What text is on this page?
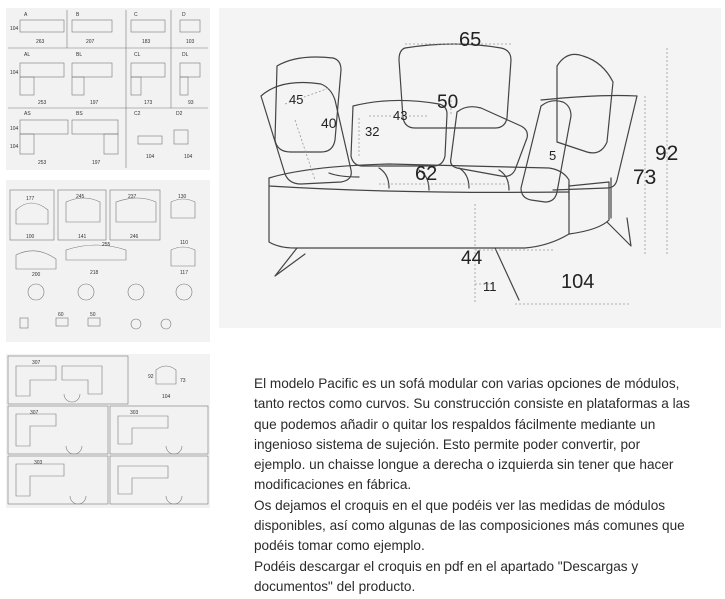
A	B	C	D
AL	BL	CL	DL
AS	BS	C2	D2
263	207	183	103
253	197	173	93
253	197
104	104
104
104
104
104
177	245	237	130
100	141	246
255	110
200	218	117
60	50
307
307	303
303
92
73
104
65
45
40	43
32
50
5
62
92
73
44
11	104

El modelo Pacific es un sofá modular con varias opciones de módulos, tanto rectos como curvos. Su construcción consiste en plataformas a las que podemos añadir o quitar los respaldos fácilmente mediante un ingenioso sistema de sujeción. Esto permite poder convertir, por ejemplo. un chaisse longue a derecha o izquierda sin tener que hacer modificaciones en fábrica.

Os dejamos el croquis en el que podéis ver las medidas de módulos disponibles, así como algunas de las composiciones más comunes que podéis tomar como ejemplo.

Podéis descargar el croquis en pdf en el apartado "Descargas y documentos" del producto.
